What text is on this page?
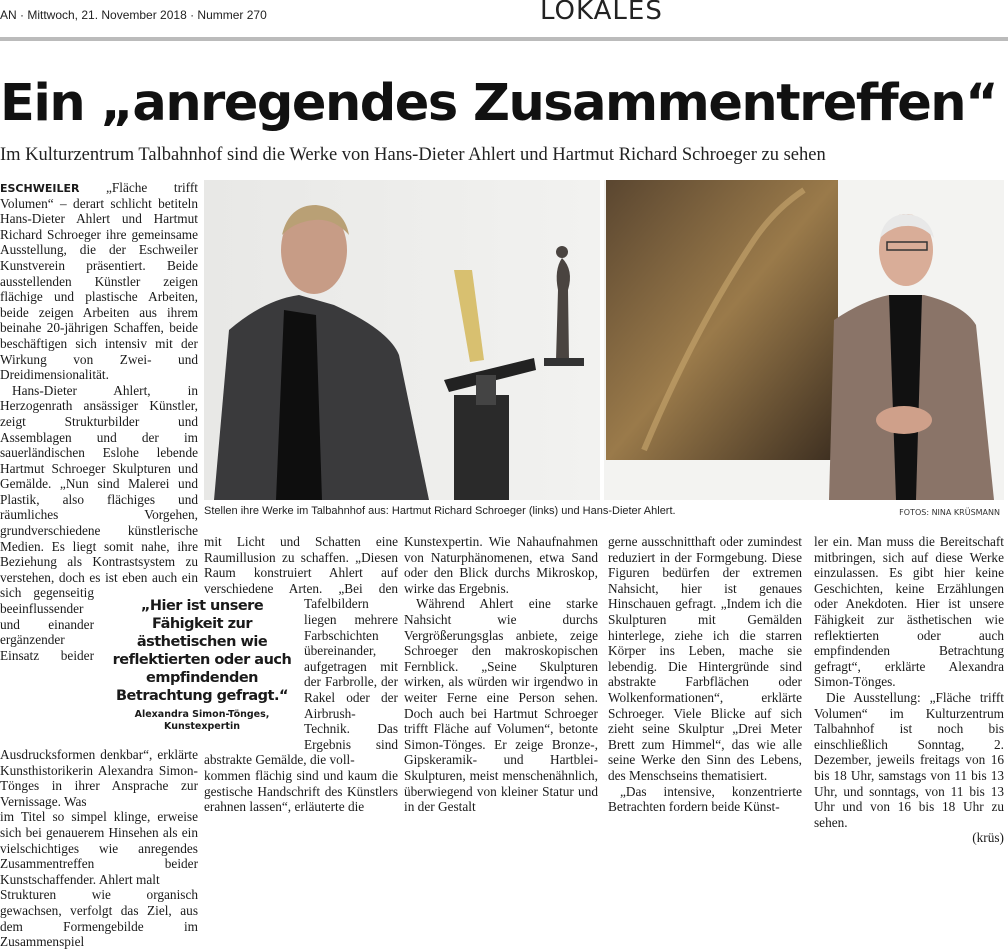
AN · Mittwoch, 21. November 2018 · Nummer 270	LOKALES
Ein „anregendes Zusammentreffen“
Im Kulturzentrum Talbahnhof sind die Werke von Hans-Dieter Ahlert und Hartmut Richard Schroeger zu sehen

ESCHWEILER „Fläche trifft Volumen“ – derart schlicht betiteln Hans-Dieter Ahlert und Hartmut Richard Schroeger ihre gemeinsame Ausstellung, die der Eschweiler Kunstverein präsentiert. Beide ausstellenden Künstler zeigen flächige und plastische Arbeiten, beide zeigen Arbeiten aus ihrem beinahe 20-jährigen Schaffen, beide beschäftigen sich intensiv mit der Wirkung von Zwei- und Dreidimensionalität.

Hans-Dieter Ahlert, in Herzogenrath ansässiger Künstler, zeigt Strukturbilder und Assemblagen und der im sauerländischen Eslohe lebende Hartmut Schroeger Skulpturen und Gemälde. „Nun sind Malerei und Plastik, also flächiges und räumliches Vorgehen, grundverschiedene künstlerische Medien. Es liegt somit nahe, ihre Beziehung als Kontrastsystem zu verstehen, doch es ist eben auch ein sich gegenseitig beeinflussender und einander ergänzender Einsatz beider Ausdrucksformen denkbar“, erklärte Kunsthistorikerin Alexandra Simon-Tönges in ihrer Ansprache zur Vernissage. Was

im Titel so simpel klinge, erweise sich bei genauerem Hinsehen als ein vielschichtiges wie anregendes Zusammentreffen beider Kunstschaffender. Ahlert malt

Strukturen wie organisch gewachsen, verfolgt das Ziel, aus dem Formengebilde im Zusammenspiel

mit Licht und Schatten eine Raumillusion zu schaffen. „Diesen Raum konstruiert Ahlert auf verschiedene Arten. „Bei den Tafelbildern

liegen mehrere Farbschichten übereinander, aufgetragen mit der Farbrolle, der Rakel oder der Airbrush-Technik. Das Ergebnis sind abstrakte Gemälde, die voll-

kommen flächig sind und kaum die gestische Handschrift des Künstlers erahnen lassen“, erläuterte die

„Hier ist unsere Fähigkeit zur ästhetischen wie reflektierten oder auch empfindenden Betrachtung gefragt.“
Alexandra Simon-Tönges,
Kunstexpertin

Kunstexpertin. Wie Nahaufnahmen von Naturphänomenen, etwa Sand oder den Blick durchs Mikroskop, wirke das Ergebnis.

Während Ahlert eine starke Nahsicht wie durchs Vergrößerungsglas anbiete, zeige Schroeger den makroskopischen Fernblick. „Seine Skulpturen wirken, als würden wir irgendwo in weiter Ferne eine Person sehen. Doch auch bei Hartmut Schroeger trifft Fläche auf Volumen“, betonte Simon-Tönges. Er zeige Bronze-, Gipskeramik- und Hartblei-Skulpturen, meist menschenähnlich, überwiegend von kleiner Statur und in der Gestalt

gerne ausschnitthaft oder zumindest reduziert in der Formgebung. Diese Figuren bedürfen der extremen Nahsicht, hier ist genaues Hinschauen gefragt. „Indem ich die Skulpturen mit Gemälden hinterlege, ziehe ich die starren Körper ins Leben, mache sie lebendig. Die Hintergründe sind abstrakte Farbflächen oder Wolkenformationen“, erklärte Schroeger. Viele Blicke auf sich zieht seine Skulptur „Drei Meter Brett zum Himmel“, das wie alle seine Werke den Sinn des Lebens, des Menschseins thematisiert.

„Das intensive, konzentrierte Betrachten fordern beide Künst-

ler ein. Man muss die Bereitschaft mitbringen, sich auf diese Werke einzulassen. Es gibt hier keine Geschichten, keine Erzählungen oder Anekdoten. Hier ist unsere Fähigkeit zur ästhetischen wie reflektierten oder auch empfindenden Betrachtung gefragt“, erklärte Alexandra Simon-Tönges.

Die Ausstellung: „Fläche trifft Volumen“ im Kulturzentrum Talbahnhof ist noch bis einschließlich Sonntag, 2. Dezember, jeweils freitags von 16 bis 18 Uhr, samstags von 11 bis 13 Uhr, und sonntags, von 11 bis 13 Uhr und von 16 bis 18 Uhr zu sehen.

(krüs)

Stellen ihre Werke im Talbahnhof aus: Hartmut Richard Schroeger (links) und Hans-Dieter Ahlert.	FOTOS: NINA KRÜSMANN
